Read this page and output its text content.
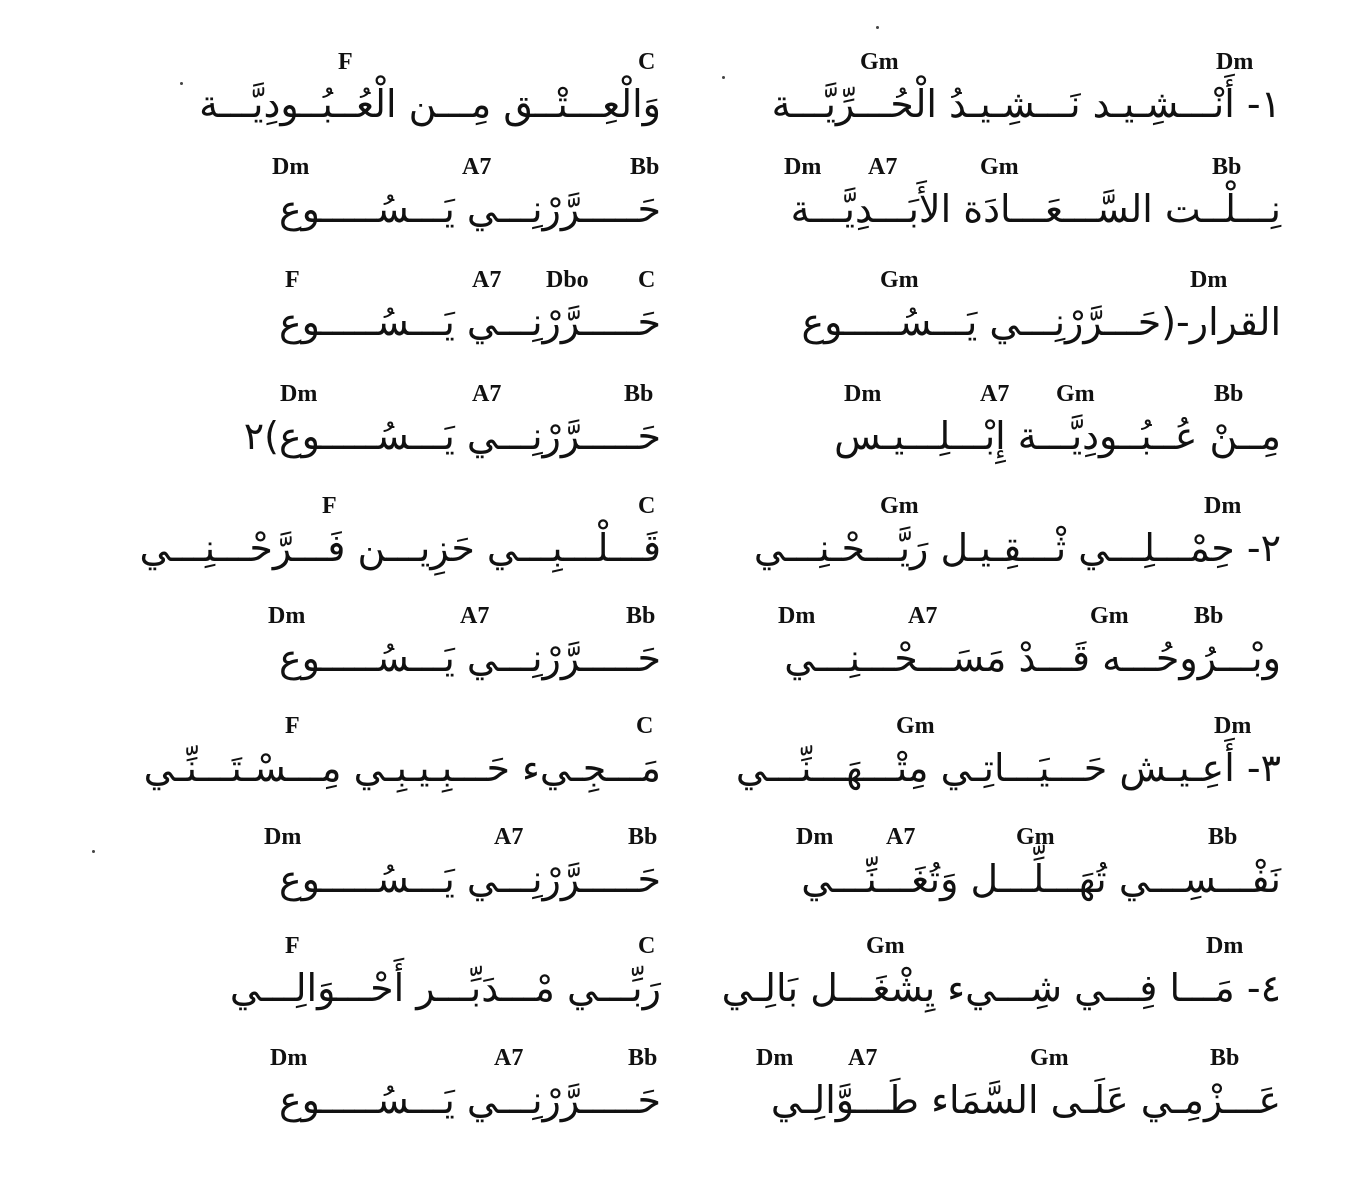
F	C	Gm	Dm
١- أَنْـــشِـيـد نَـــشِـيـدُ الْحُـــرِّيَّـــة
وَالْعِـــتْــق مِـــن الْعُــبُــودِيَّـــة
Dm	A7	Bb	Dm A7	Gm	Bb
نِـــلْــت السَّـــعَـــادَة الأَبَـــدِيَّـــة
حَـــــرَّرْنِـــي يَـــسُـــــوع
F	A7 Dbo C	Gm	Dm
القرار-(حَـــرَّرْنِـــي يَـــسُـــــوع
حَـــــرَّرْنِـــي يَـــسُـــــوع
Dm	A7	Bb	Dm	A7 Gm	Bb
مِــنْ عُــبُــودِيَّـــة إِبْـــلِـــيـس
حَـــــرَّرْنِـــي يَـــسُـــــوع)٢
F	C	Gm	Dm
٢- حِمْـــلِـــي ثْـــقِـيـل رَيَّـــحْـنِـــي
قَـــلْـــبِـــي حَزِيـــن فَـــرَّحْـــنِـــي
Dm	A7	Bb	Dm	A7	Gm	Bb
وبْـــرُوحُـــه قَـــدْ مَسَـــحْـــنِـــي
حَـــــرَّرْنِـــي يَـــسُـــــوع
F	C	Gm	Dm
٣- أَعِـيـش حَـــيَـــاتِـي مِتْـــهَـــنِّـــي
مَـــجِـيء حَـــبِـيـبِـي مِـــسْـتَـــنِّـي
Dm	A7	Bb	Dm A7	Gm	Bb
نَفْـــسِـــي تُهَـــلِّـــل وَتُغَـــنِّـــي
حَـــــرَّرْنِـــي يَـــسُـــــوع
F	C	Gm	Dm
٤- مَـــا فِـــي شِـــيء يِشْغَـــل بَالِـي
رَبِّـــي مْـــدَبِّـــر أَحْـــوَالِـــي
Dm	A7	Bb	Dm A7	Gm	Bb
عَـــزْمِـي عَلَـى السَّمَاء طَـــوَّالِـي
حَـــــرَّرْنِـــي يَـــسُـــــوع
